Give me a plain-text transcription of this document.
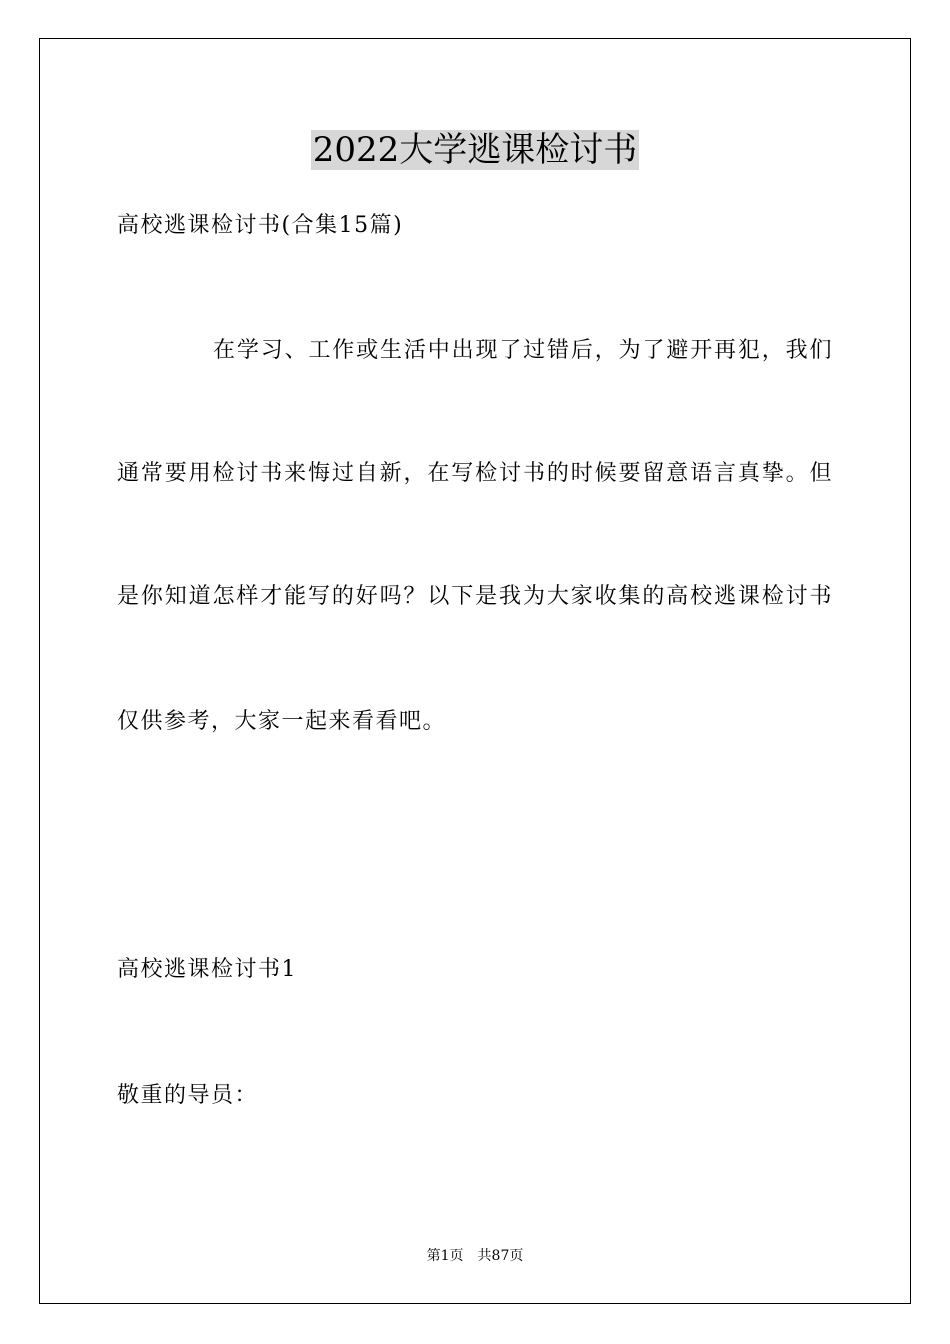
2022大学逃课检讨书
高校逃课检讨书(合集15篇)
在学习、工作或生活中出现了过错后，为了避开再犯，我们
通常要用检讨书来悔过自新，在写检讨书的时候要留意语言真挚。但
是你知道怎样才能写的好吗？以下是我为大家收集的高校逃课检讨书
仅供参考，大家一起来看看吧。
高校逃课检讨书1
敬重的导员：
第1页　共87页
